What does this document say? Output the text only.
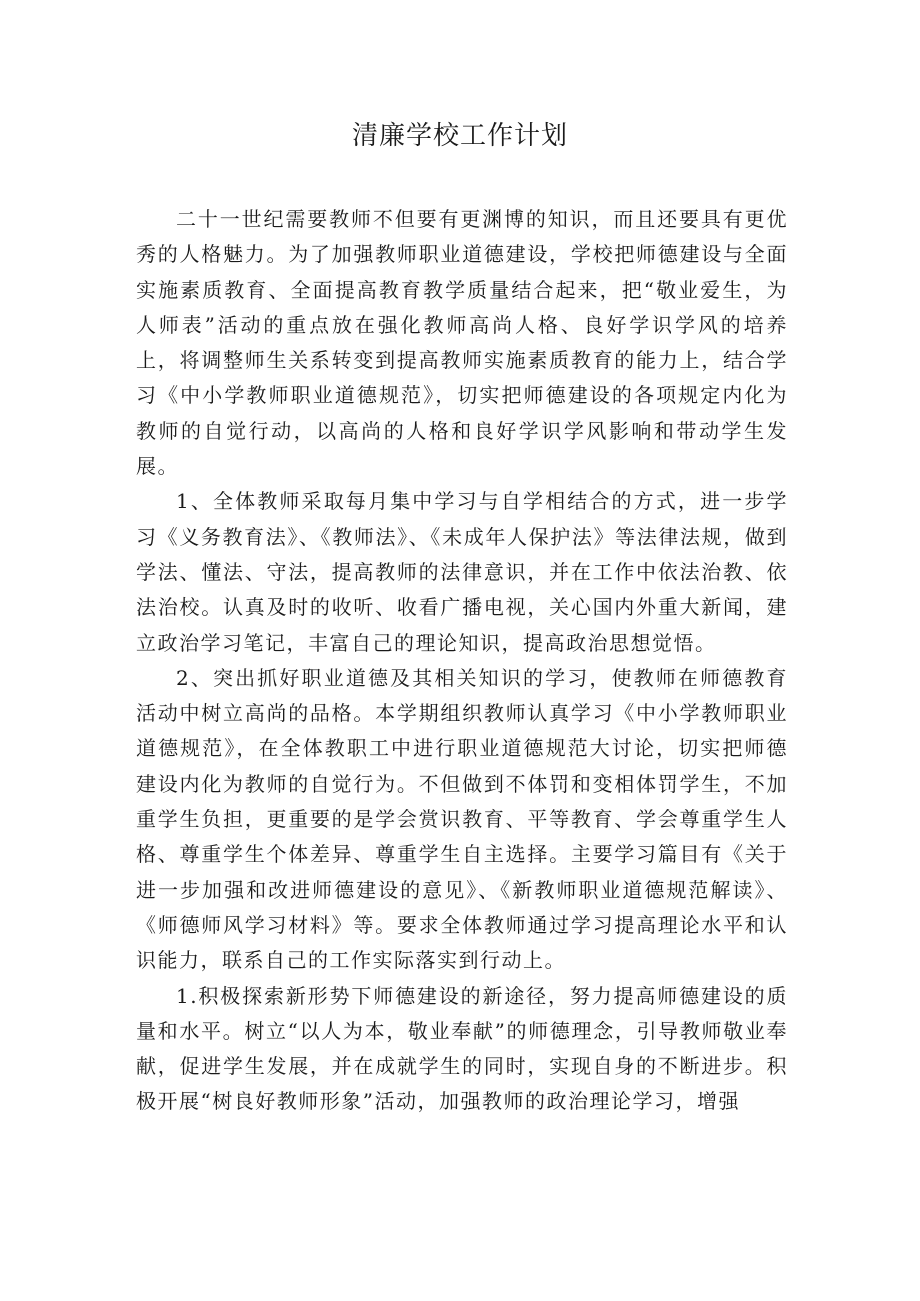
清廉学校工作计划

二十一世纪需要教师不但要有更渊博的知识，而且还要具有更优秀的人格魅力。为了加强教师职业道德建设，学校把师德建设与全面实施素质教育、全面提高教育教学质量结合起来，把“敬业爱生，为人师表”活动的重点放在强化教师高尚人格、良好学识学风的培养上，将调整师生关系转变到提高教师实施素质教育的能力上，结合学习《中小学教师职业道德规范》，切实把师德建设的各项规定内化为教师的自觉行动，以高尚的人格和良好学识学风影响和带动学生发展。

1、全体教师采取每月集中学习与自学相结合的方式，进一步学习《义务教育法》、《教师法》、《未成年人保护法》等法律法规，做到学法、懂法、守法，提高教师的法律意识，并在工作中依法治教、依法治校。认真及时的收听、收看广播电视，关心国内外重大新闻，建立政治学习笔记，丰富自己的理论知识，提高政治思想觉悟。

2、突出抓好职业道德及其相关知识的学习，使教师在师德教育活动中树立高尚的品格。本学期组织教师认真学习《中小学教师职业道德规范》，在全体教职工中进行职业道德规范大讨论，切实把师德建设内化为教师的自觉行为。不但做到不体罚和变相体罚学生，不加重学生负担，更重要的是学会赏识教育、平等教育、学会尊重学生人格、尊重学生个体差异、尊重学生自主选择。主要学习篇目有《关于进一步加强和改进师德建设的意见》、《新教师职业道德规范解读》、《师德师风学习材料》等。要求全体教师通过学习提高理论水平和认识能力，联系自己的工作实际落实到行动上。

1.积极探索新形势下师德建设的新途径，努力提高师德建设的质量和水平。树立“以人为本，敬业奉献”的师德理念，引导教师敬业奉献，促进学生发展，并在成就学生的同时，实现自身的不断进步。积极开展“树良好教师形象”活动，加强教师的政治理论学习，增强
